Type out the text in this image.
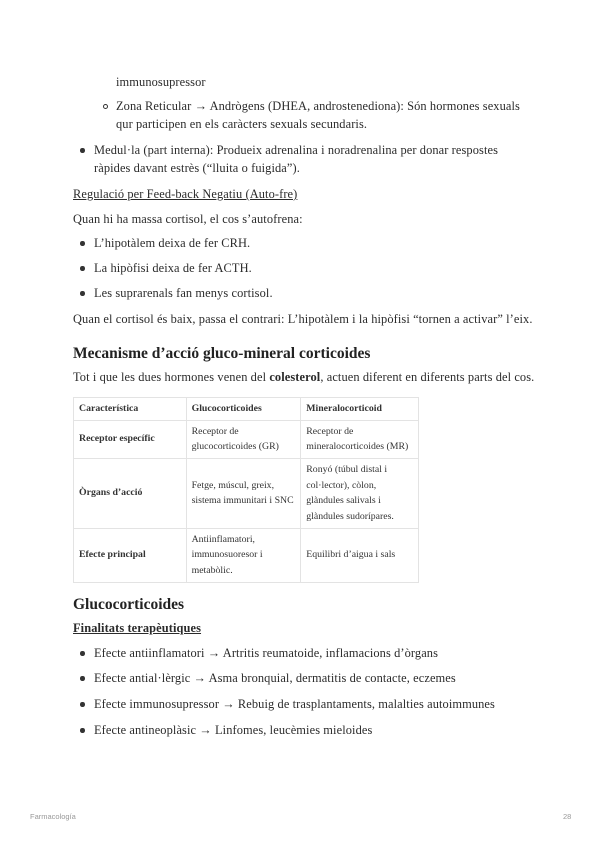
immunosupressor
Zona Reticular → Andrògens (DHEA, androstenediona): Són hormones sexuals qur participen en els caràcters sexuals secundaris.
Medul·la (part interna): Produeix adrenalina i noradrenalina per donar respostes ràpides davant estrès (“lluita o fuigida”).
Regulació per Feed-back Negatiu (Auto-fre)
Quan hi ha massa cortisol, el cos s’autofrena:
L’hipotàlem deixa de fer CRH.
La hipòfisi deixa de fer ACTH.
Les suprarenals fan menys cortisol.
Quan el cortisol és baix, passa el contrari: L’hipotàlem i la hipòfisi “tornen a activar” l’eix.
Mecanisme d’acció gluco-mineral corticoides
Tot i que les dues hormones venen del colesterol, actuen diferent en diferents parts del cos.
Característica	Glucocorticoides	Mineralocorticoid
Receptor específic	Receptor de glucocorticoides (GR)	Receptor de mineralocorticoides (MR)
Òrgans d’acció	Fetge, múscul, greix, sistema immunitari i SNC	Ronyó (túbul distal i col·lector), còlon, glàndules salivals i glàndules sudorípares.
Efecte principal	Antiinflamatori, immunosuoresor i metabòlic.	Equilibri d’aigua i sals
Glucocorticoides
Finalitats terapèutiques
Efecte antiinflamatori → Artritis reumatoide, inflamacions d’òrgans
Efecte antial·lèrgic → Asma bronquial, dermatitis de contacte, eczemes
Efecte immunosupressor → Rebuig de trasplantaments, malalties autoimmunes
Efecte antineoplàsic → Linfomes, leucèmies mieloides
Farmacología	28
